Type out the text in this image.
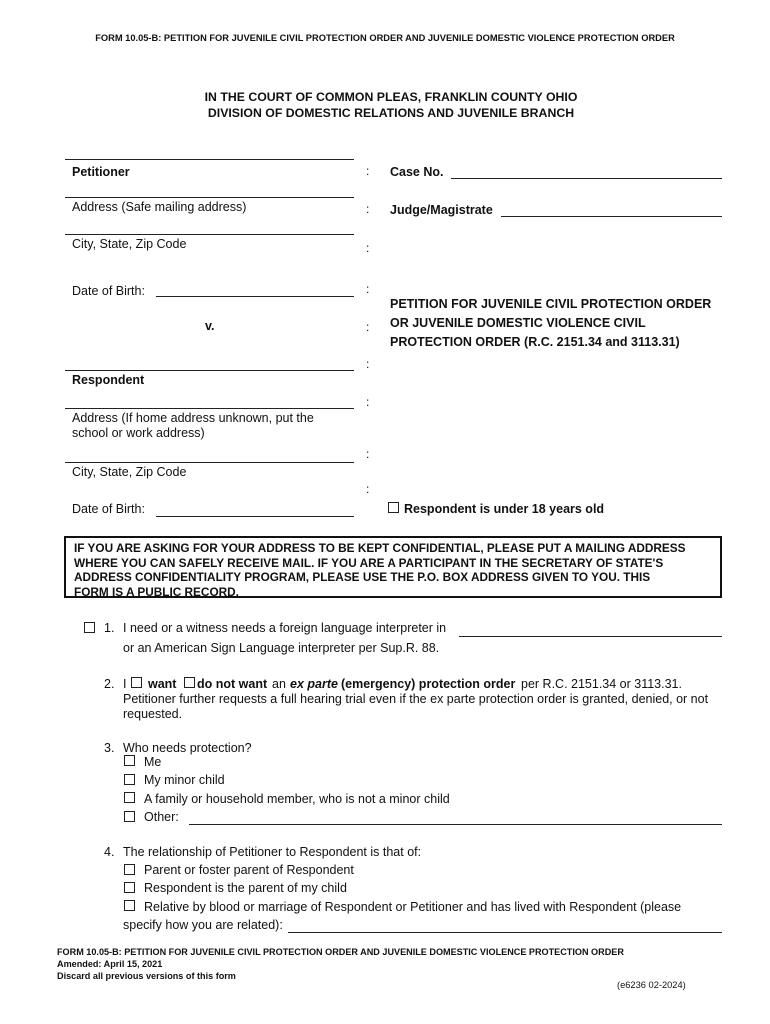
FORM 10.05-B: PETITION FOR JUVENILE CIVIL PROTECTION ORDER AND JUVENILE DOMESTIC VIOLENCE PROTECTION ORDER
IN THE COURT OF COMMON PLEAS, FRANKLIN COUNTY OHIO
DIVISION OF DOMESTIC RELATIONS AND JUVENILE BRANCH
Petitioner
Address (Safe mailing address)
City, State, Zip Code
Date of Birth:
v.
Respondent
Address (If home address unknown, put the
school or work address)
City, State, Zip Code
Date of Birth:
:
:
:
:
:
:
:
:
:
Case No.
Judge/Magistrate
PETITION FOR JUVENILE CIVIL PROTECTION ORDER
OR JUVENILE DOMESTIC VIOLENCE CIVIL
PROTECTION ORDER (R.C. 2151.34 and 3113.31)
Respondent is under 18 years old
IF YOU ARE ASKING FOR YOUR ADDRESS TO BE KEPT CONFIDENTIAL, PLEASE PUT A MAILING ADDRESS
WHERE YOU CAN SAFELY RECEIVE MAIL. IF YOU ARE A PARTICIPANT IN THE SECRETARY OF STATE'S
ADDRESS CONFIDENTIALITY PROGRAM, PLEASE USE THE P.O. BOX ADDRESS GIVEN TO YOU. THIS
FORM IS A PUBLIC RECORD.
1. I need or a witness needs a foreign language interpreter in
or an American Sign Language interpreter per Sup.R. 88.
2. I want do not want an ex parte (emergency) protection order per R.C. 2151.34 or 3113.31.
Petitioner further requests a full hearing trial even if the ex parte protection order is granted, denied, or not
requested.
3. Who needs protection?
Me
My minor child
A family or household member, who is not a minor child
Other:
4. The relationship of Petitioner to Respondent is that of:
Parent or foster parent of Respondent
Respondent is the parent of my child
Relative by blood or marriage of Respondent or Petitioner and has lived with Respondent (please
specify how you are related):
FORM 10.05-B: PETITION FOR JUVENILE CIVIL PROTECTION ORDER AND JUVENILE DOMESTIC VIOLENCE PROTECTION ORDER
Amended: April 15, 2021
Discard all previous versions of this form
(e6236 02-2024)
